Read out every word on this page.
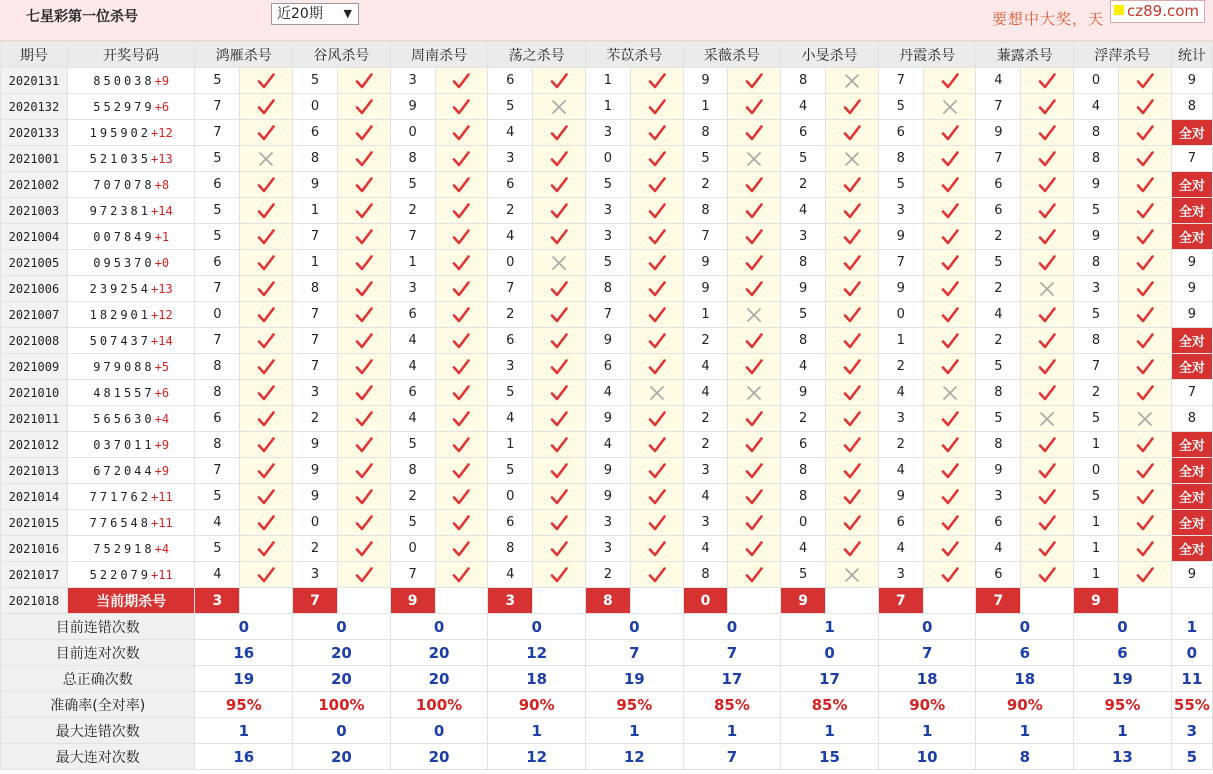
七星彩第一位杀号	近20期 ▼	要想中大奖，天	cz89.com
期号	开奖号码	鸿雁杀号		谷风杀号		周南杀号		荡之杀号		芣苡杀号		采薇杀号		小旻杀号		丹霞杀号		蒹露杀号		浮萍杀号		统计
2020131	850038+9	5		5		3		6		1		9		8		7		4		0		9
2020132	552979+6	7		0		9		5		1		1		4		5		7		4		8
2020133	195902+12	7		6		0		4		3		8		6		6		9		8		全对
2021001	521035+13	5		8		8		3		0		5		5		8		7		8		7
2021002	707078+8	6		9		5		6		5		2		2		5		6		9		全对
2021003	972381+14	5		1		2		2		3		8		4		3		6		5		全对
2021004	007849+1	5		7		7		4		3		7		3		9		2		9		全对
2021005	095370+0	6		1		1		0		5		9		8		7		5		8		9
2021006	239254+13	7		8		3		7		8		9		9		9		2		3		9
2021007	182901+12	0		7		6		2		7		1		5		0		4		5		9
2021008	507437+14	7		7		4		6		9		2		8		1		2		8		全对
2021009	979088+5	8		7		4		3		6		4		4		2		5		7		全对
2021010	481557+6	8		3		6		5		4		4		9		4		8		2		7
2021011	565630+4	6		2		4		4		9		2		2		3		5		5		8
2021012	037011+9	8		9		5		1		4		2		6		2		8		1		全对
2021013	672044+9	7		9		8		5		9		3		8		4		9		0		全对
2021014	771762+11	5		9		2		0		9		4		8		9		3		5		全对
2021015	776548+11	4		0		5		6		3		3		0		6		6		1		全对
2021016	752918+4	5		2		0		8		3		4		4		4		4		1		全对
2021017	522079+11	4		3		7		4		2		8		5		3		6		1		9
2021018	当前期杀号	3		7		9		3		8		0		9		7		7		9		
目前连错次数		0		0		0		0		0		0		1		0		0		0		1
目前连对次数		16		20		20		12		7		7		0		7		6		6		0
总正确次数		19		20		20		18		19		17		17		18		18		19		11
准确率(全对率)		95%		100%		100%		90%		95%		85%		85%		90%		90%		95%		55%
最大连错次数		1		0		0		1		1		1		1		1		1		1		3
最大连对次数		16		20		20		12		12		7		15		10		8		13		5
